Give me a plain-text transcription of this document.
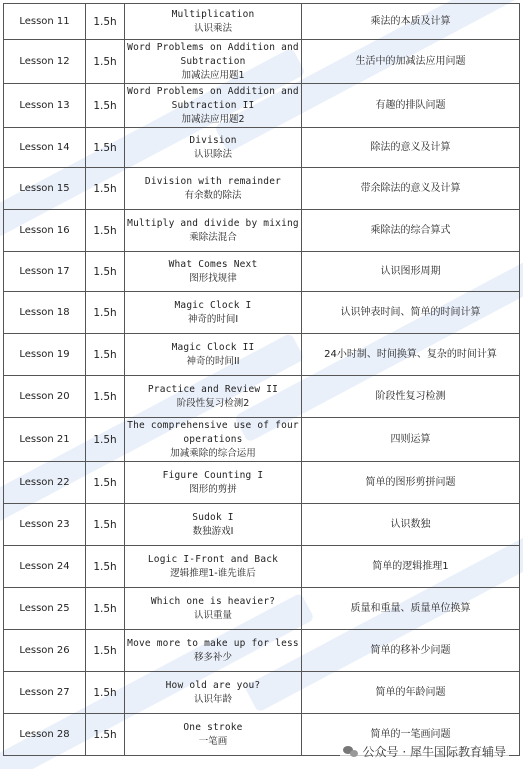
Lesson 11	1.5h	Multiplication
认识乘法	乘法的本质及计算
Lesson 12	1.5h	Word Problems on Addition and Subtraction
加减法应用题1	生活中的加减法应用问题
Lesson 13	1.5h	Word Problems on Addition and Subtraction II
加减法应用题2	有趣的排队问题
Lesson 14	1.5h	Division
认识除法	除法的意义及计算
Lesson 15	1.5h	Division with remainder
有余数的除法	带余除法的意义及计算
Lesson 16	1.5h	Multiply and divide by mixing
乘除法混合	乘除法的综合算式
Lesson 17	1.5h	What Comes Next
图形找规律	认识图形周期
Lesson 18	1.5h	Magic Clock I
神奇的时间I	认识钟表时间、简单的时间计算
Lesson 19	1.5h	Magic Clock II
神奇的时间II	24小时制、时间换算、复杂的时间计算
Lesson 20	1.5h	Practice and Review II
阶段性复习检测2	阶段性复习检测
Lesson 21	1.5h	The comprehensive use of four operations
加减乘除的综合运用	四则运算
Lesson 22	1.5h	Figure Counting I
图形的剪拼	简单的图形剪拼问题
Lesson 23	1.5h	Sudok I
数独游戏I	认识数独
Lesson 24	1.5h	Logic I-Front and Back
逻辑推理1-谁先谁后	简单的逻辑推理1
Lesson 25	1.5h	Which one is heavier?
认识重量	质量和重量、质量单位换算
Lesson 26	1.5h	Move more to make up for less
移多补少	简单的移补少问题
Lesson 27	1.5h	How old are you?
认识年龄	简单的年龄问题
Lesson 28	1.5h	One stroke
一笔画	简单的一笔画问题
公众号 · 犀牛国际教育辅导
